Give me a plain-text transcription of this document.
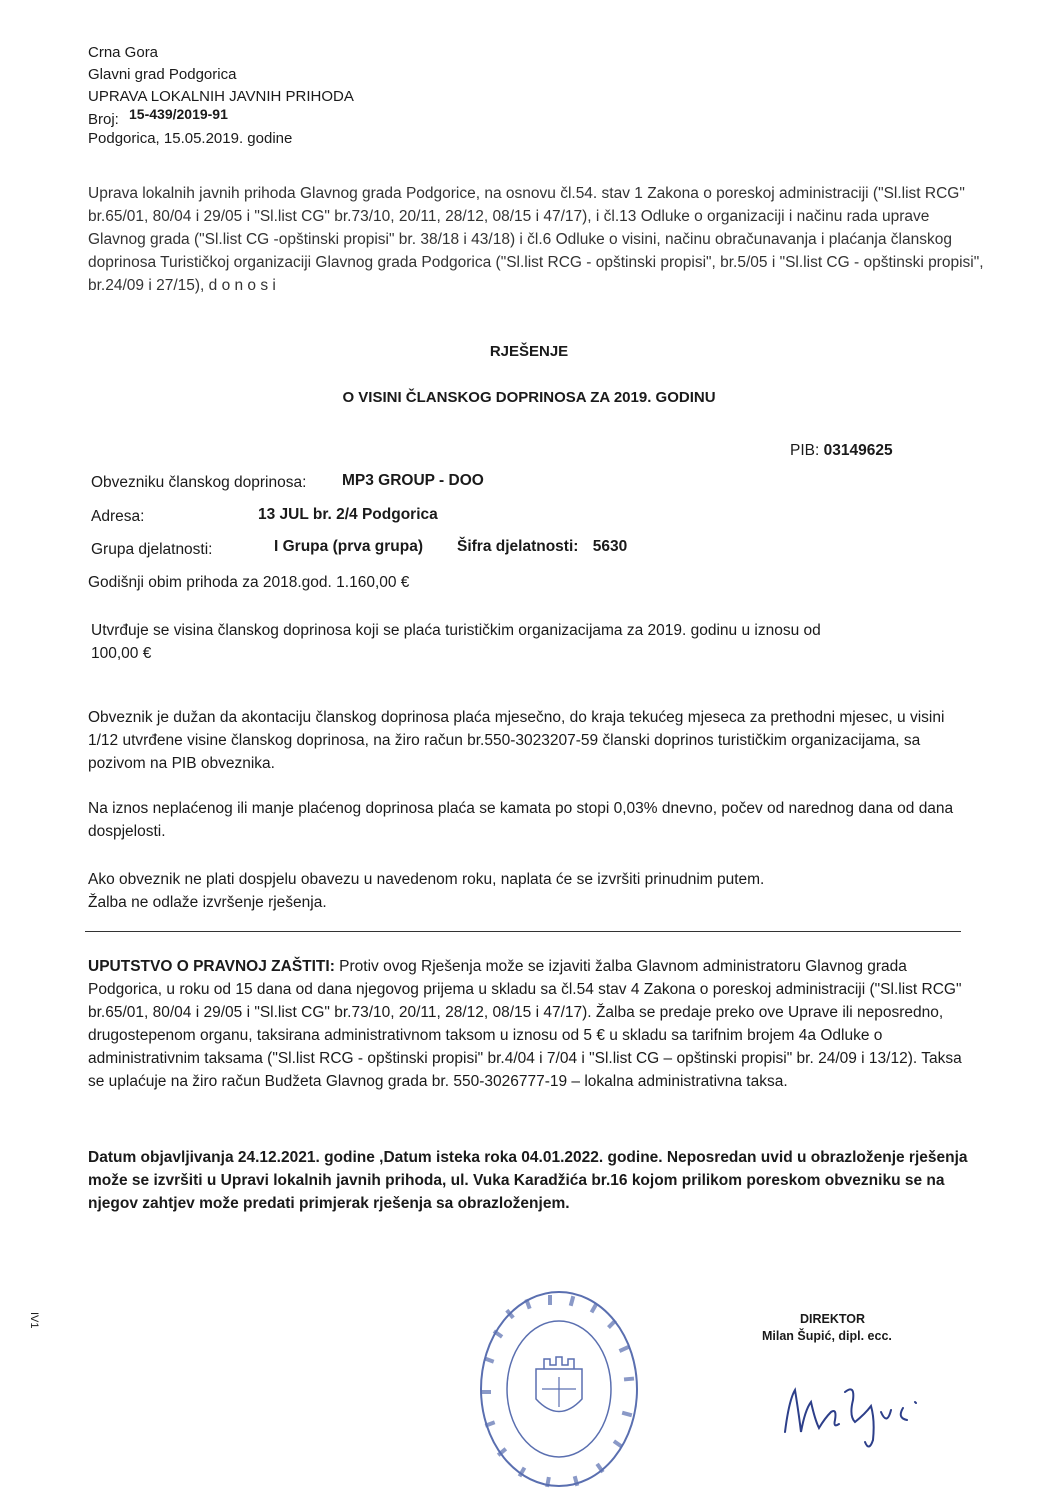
Crna Gora
Glavni grad Podgorica
UPRAVA LOKALNIH JAVNIH PRIHODA
Broj: 15-439/2019-91
Podgorica, 15.05.2019. godine
Uprava lokalnih javnih prihoda Glavnog grada Podgorice, na osnovu čl.54. stav 1 Zakona o poreskoj administraciji ("Sl.list RCG" br.65/01, 80/04 i 29/05 i "Sl.list CG" br.73/10, 20/11, 28/12, 08/15 i 47/17), i čl.13 Odluke o organizaciji i načinu rada uprave Glavnog grada ("Sl.list CG -opštinski propisi" br. 38/18 i 43/18) i čl.6 Odluke o visini, načinu obračunavanja i plaćanja članskog doprinosa Turističkoj organizaciji Glavnog grada Podgorica ("Sl.list RCG - opštinski propisi", br.5/05 i "Sl.list CG - opštinski propisi", br.24/09 i 27/15), d o n o s i
RJEŠENJE
O VISINI ČLANSKOG DOPRINOSA ZA 2019. GODINU
PIB: 03149625
Obvezniku članskog doprinosa: MP3 GROUP - DOO
Adresa:	13 JUL br. 2/4 Podgorica
Grupa djelatnosti:	I Grupa (prva grupa) Šifra djelatnosti: 5630
Godišnji obim prihoda za 2018.god. 1.160,00 €
Utvrđuje se visina članskog doprinosa koji se plaća turističkim organizacijama za 2019. godinu u iznosu od
100,00 €
Obveznik je dužan da akontaciju članskog doprinosa plaća mjesečno, do kraja tekućeg mjeseca za prethodni mjesec, u visini 1/12 utvrđene visine članskog doprinosa, na žiro račun br.550-3023207-59 članski doprinos turističkim organizacijama, sa pozivom na PIB obveznika.
Na iznos neplaćenog ili manje plaćenog doprinosa plaća se kamata po stopi 0,03% dnevno, počev od narednog dana od dana dospjelosti.
Ako obveznik ne plati dospjelu obavezu u navedenom roku, naplata će se izvršiti prinudnim putem.
Žalba ne odlaže izvršenje rješenja.
UPUTSTVO O PRAVNOJ ZAŠTITI: Protiv ovog Rješenja može se izjaviti žalba Glavnom administratoru Glavnog grada Podgorica, u roku od 15 dana od dana njegovog prijema u skladu sa čl.54 stav 4 Zakona o poreskoj administraciji ("Sl.list RCG" br.65/01, 80/04 i 29/05 i "Sl.list CG" br.73/10, 20/11, 28/12, 08/15 i 47/17). Žalba se predaje preko ove Uprave ili neposredno, drugostepenom organu, taksirana administrativnom taksom u iznosu od 5 € u skladu sa tarifnim brojem 4a Odluke o administrativnim taksama ("Sl.list RCG - opštinski propisi" br.4/04 i 7/04 i "Sl.list CG – opštinski propisi" br. 24/09 i 13/12). Taksa se uplaćuje na žiro račun Budžeta Glavnog grada br. 550-3026777-19 – lokalna administrativna taksa.
Datum objavljivanja 24.12.2021. godine ,Datum isteka roka 04.01.2022. godine. Neposredan uvid u obrazloženje rješenja može se izvršiti u Upravi lokalnih javnih prihoda, ul. Vuka Karadžića br.16 kojom prilikom poreskom obvezniku se na njegov zahtjev može predati primjerak rješenja sa obrazloženjem.
IV1	DIREKTOR
Milan Šupić, dipl. ecc.
